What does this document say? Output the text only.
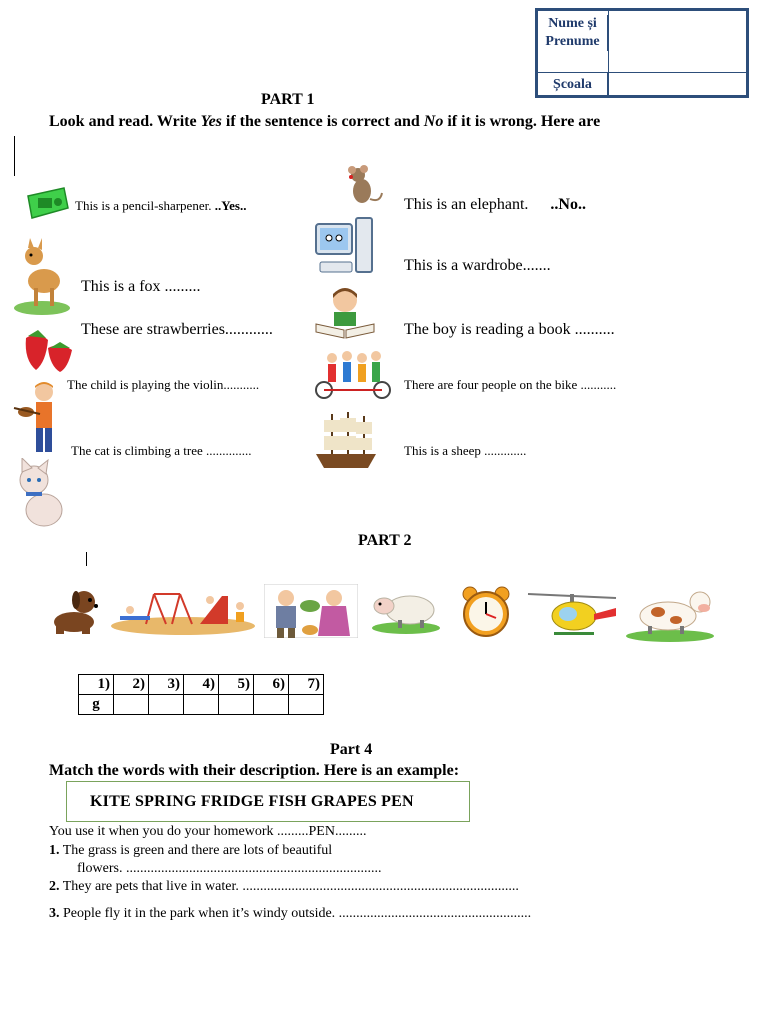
Nume și Prenume
Școala
PART 1
Look and read. Write Yes if the sentence is correct and No if it is wrong. Here are
This is a pencil-sharpener. ..Yes..	This is an elephant. ..No..
This is a wardrobe.......
This is a fox .........
These are strawberries............	The boy is reading a book ..........
The child is playing the violin...........	There are four people on the bike ...........
The cat is climbing a tree ..............	This is a sheep .............
PART 2
1)	2)	3)	4)	5)	6)	7)
g						
Part 4
Match the words with their description. Here is an example:
KITE SPRING FRIDGE FISH GRAPES PEN
You use it when you do your homework .........PEN.........
1. The grass is green and there are lots of beautiful
flowers. .........................................................................
2. They are pets that live in water. ...............................................................................
3. People fly it in the park when it’s windy outside. .......................................................
